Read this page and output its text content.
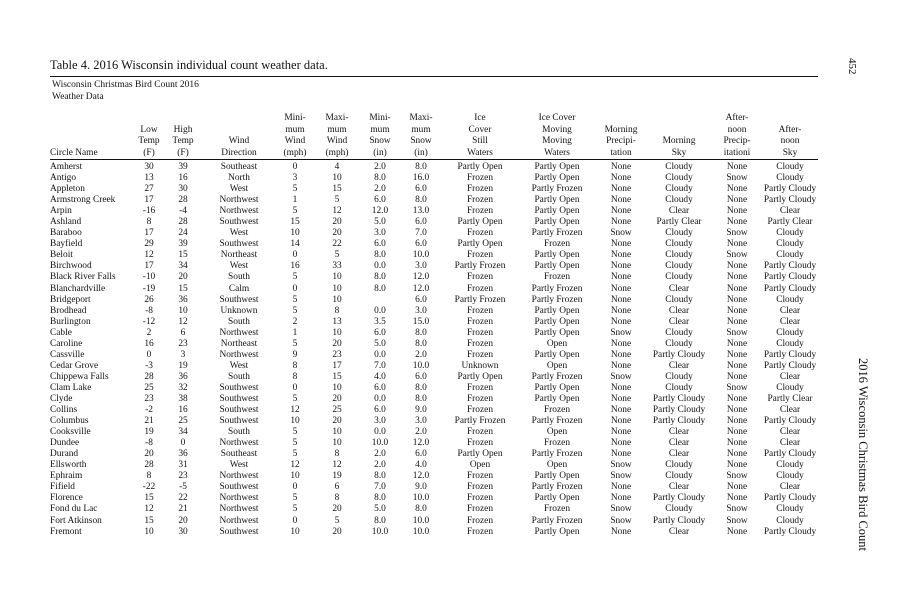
Table 4. 2016 Wisconsin individual count weather data.
Wisconsin Christmas Bird Count 2016
Weather Data
452
2016 Wisconsin Christmas Bird Count
Circle Name	Low
Temp
(F)	High
Temp
(F)	Wind
Direction	Mini-
mum
Wind
(mph)	Maxi-
mum
Wind
(mph)	Mini-
mum
Snow
(in)	Maxi-
mum
Snow
(in)	Ice
Cover
Still
Waters	Ice Cover
Moving
Moving
Waters	Morning
Precipi-
tation	Morning
Sky	After-
noon
Precip-
itationi	After-
noon
Sky
Amherst	30	39	Southeast	0	4	2.0	8.0	Partly Open	Partly Open	None	Cloudy	None	Cloudy
Antigo	13	16	North	3	10	8.0	16.0	Frozen	Partly Open	None	Cloudy	Snow	Cloudy
Appleton	27	30	West	5	15	2.0	6.0	Frozen	Partly Frozen	None	Cloudy	None	Partly Cloudy
Armstrong Creek	17	28	Northwest	1	5	6.0	8.0	Frozen	Partly Open	None	Cloudy	None	Partly Cloudy
Arpin	-16	-4	Northwest	5	12	12.0	13.0	Frozen	Partly Open	None	Clear	None	Clear
Ashland	8	28	Southwest	15	20	5.0	6.0	Partly Open	Partly Open	None	Partly Clear	None	Partly Clear
Baraboo	17	24	West	10	20	3.0	7.0	Frozen	Partly Frozen	Snow	Cloudy	Snow	Cloudy
Bayfield	29	39	Southwest	14	22	6.0	6.0	Partly Open	Frozen	None	Cloudy	None	Cloudy
Beloit	12	15	Northeast	0	5	8.0	10.0	Frozen	Partly Open	None	Cloudy	Snow	Cloudy
Birchwood	17	34	West	16	33	0.0	3.0	Partly Frozen	Partly Open	None	Cloudy	None	Partly Cloudy
Black River Falls	-10	20	South	5	10	8.0	12.0	Frozen	Frozen	None	Cloudy	None	Partly Cloudy
Blanchardville	-19	15	Calm	0	10	8.0	12.0	Frozen	Partly Frozen	None	Clear	None	Partly Cloudy
Bridgeport	26	36	Southwest	5	10		6.0	Partly Frozen	Partly Frozen	None	Cloudy	None	Cloudy
Brodhead	-8	10	Unknown	5	8	0.0	3.0	Frozen	Partly Open	None	Clear	None	Clear
Burlington	-12	12	South	2	13	3.5	15.0	Frozen	Partly Open	None	Clear	None	Clear
Cable	2	6	Northwest	1	10	6.0	8.0	Frozen	Partly Open	Snow	Cloudy	Snow	Cloudy
Caroline	16	23	Northeast	5	20	5.0	8.0	Frozen	Open	None	Cloudy	None	Cloudy
Cassville	0	3	Northwest	9	23	0.0	2.0	Frozen	Partly Open	None	Partly Cloudy	None	Partly Cloudy
Cedar Grove	-3	19	West	8	17	7.0	10.0	Unknown	Open	None	Clear	None	Partly Cloudy
Chippewa Falls	28	36	South	8	15	4.0	6.0	Partly Open	Partly Frozen	Snow	Cloudy	None	Clear
Clam Lake	25	32	Southwest	0	10	6.0	8.0	Frozen	Partly Open	None	Cloudy	Snow	Cloudy
Clyde	23	38	Southwest	5	20	0.0	8.0	Frozen	Partly Open	None	Partly Cloudy	None	Partly Clear
Collins	-2	16	Southwest	12	25	6.0	9.0	Frozen	Frozen	None	Partly Cloudy	None	Clear
Columbus	21	25	Southwest	10	20	3.0	3.0	Partly Frozen	Partly Frozen	None	Partly Cloudy	None	Partly Cloudy
Cooksville	19	34	South	5	10	0.0	2.0	Frozen	Open	None	Clear	None	Clear
Dundee	-8	0	Northwest	5	10	10.0	12.0	Frozen	Frozen	None	Clear	None	Clear
Durand	20	36	Southeast	5	8	2.0	6.0	Partly Open	Partly Frozen	None	Clear	None	Partly Cloudy
Ellsworth	28	31	West	12	12	2.0	4.0	Open	Open	Snow	Cloudy	None	Cloudy
Ephraim	8	23	Northwest	10	19	8.0	12.0	Frozen	Partly Open	Snow	Cloudy	Snow	Cloudy
Fifield	-22	-5	Southwest	0	6	7.0	9.0	Frozen	Partly Frozen	None	Clear	None	Clear
Florence	15	22	Northwest	5	8	8.0	10.0	Frozen	Partly Open	None	Partly Cloudy	None	Partly Cloudy
Fond du Lac	12	21	Northwest	5	20	5.0	8.0	Frozen	Frozen	Snow	Cloudy	Snow	Cloudy
Fort Atkinson	15	20	Northwest	0	5	8.0	10.0	Frozen	Partly Frozen	Snow	Partly Cloudy	Snow	Cloudy
Fremont	10	30	Southwest	10	20	10.0	10.0	Frozen	Partly Open	None	Clear	None	Partly Cloudy
